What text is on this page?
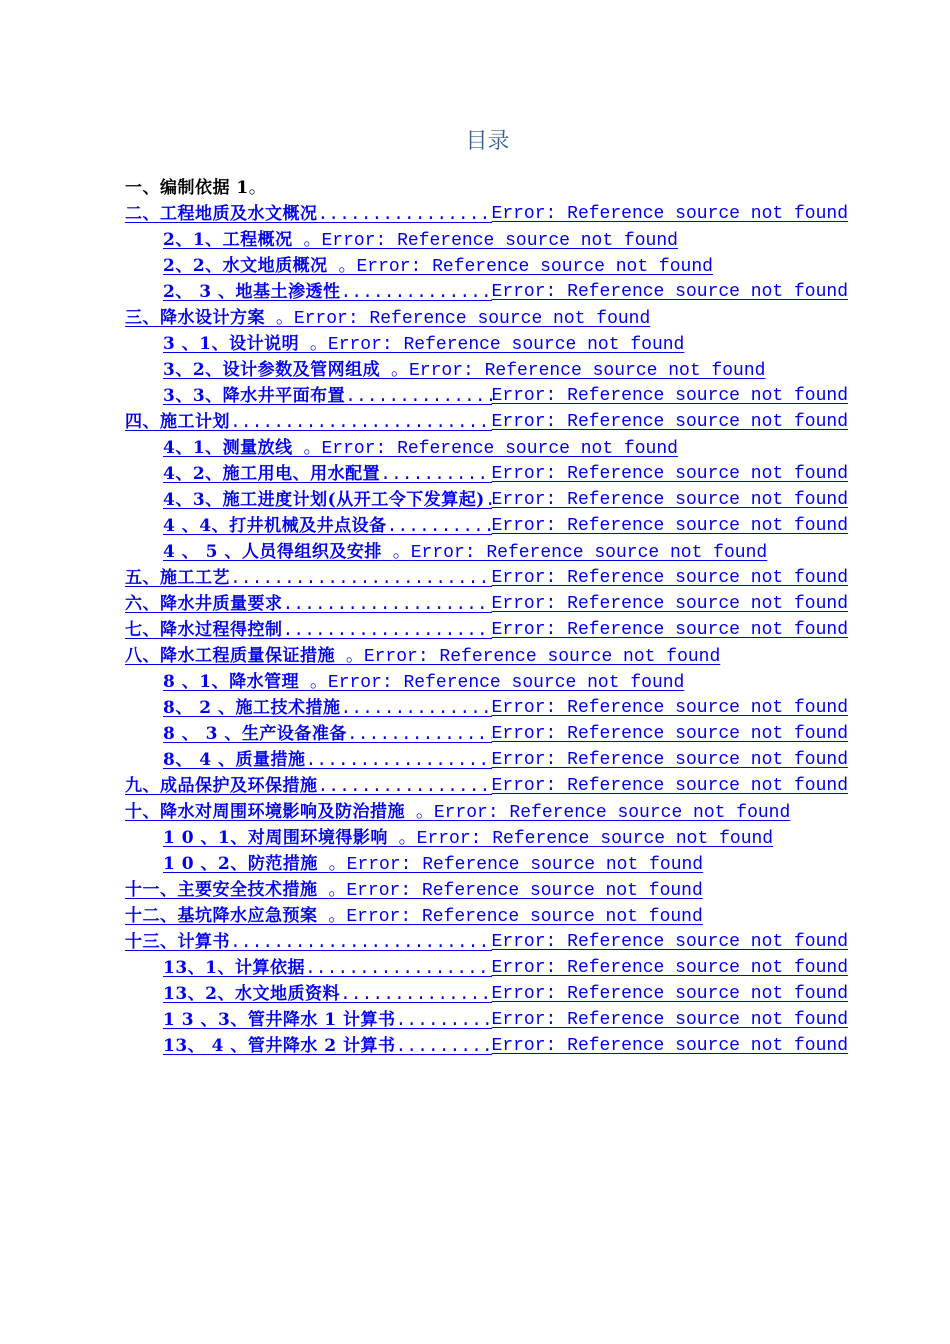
目录
一、编制依据 1。
二、工程地质及水文概况 .....	Error: Reference source not found
2、1、工程概况 。Error: Reference source not found
2、2、水文地质概况 。Error: Reference source not found
2、 3 、地基土渗透性 .....	Error: Reference source not found
三、降水设计方案 。Error: Reference source not found
3 、1、设计说明 。Error: Reference source not found
3、2、设计参数及管网组成 。Error: Reference source not found
3、3、降水井平面布置 .....	Error: Reference source not found
四、施工计划 .....	Error: Reference source not found
4、1、测量放线 。Error: Reference source not found
4、2、施工用电、用水配置 .....	Error: Reference source not found
4、3、施工进度计划(从开工令下发算起) ..... Error: Reference source not found
4 、4、打井机械及井点设备 .....	Error: Reference source not found
4 、 5 、人员得组织及安排 。Error: Reference source not found
五、施工工艺 .....	Error: Reference source not found
六、降水井质量要求 .....	Error: Reference source not found
七、降水过程得控制 .....	Error: Reference source not found
八、降水工程质量保证措施 。Error: Reference source not found
8 、1、降水管理 。Error: Reference source not found
8、 2 、施工技术措施 .....	Error: Reference source not found
8 、 3 、生产设备准备 .....	Error: Reference source not found
8、 4 、质量措施 .....	Error: Reference source not found
九、成品保护及环保措施 .....	Error: Reference source not found
十、降水对周围环境影响及防治措施 。Error: Reference source not found
1 0 、1、对周围环境得影响 。Error: Reference source not found
1 0 、2、防范措施 。Error: Reference source not found
十一、主要安全技术措施 。Error: Reference source not found
十二、基坑降水应急预案 。Error: Reference source not found
十三、计算书 .....	Error: Reference source not found
13、1、计算依据 .....	Error: Reference source not found
13、2、水文地质资料 .....	Error: Reference source not found
1 3 、3、管井降水 1 计算书 .....	Error: Reference source not found
13、 4 、管井降水 2 计算书 .....	Error: Reference source not found
